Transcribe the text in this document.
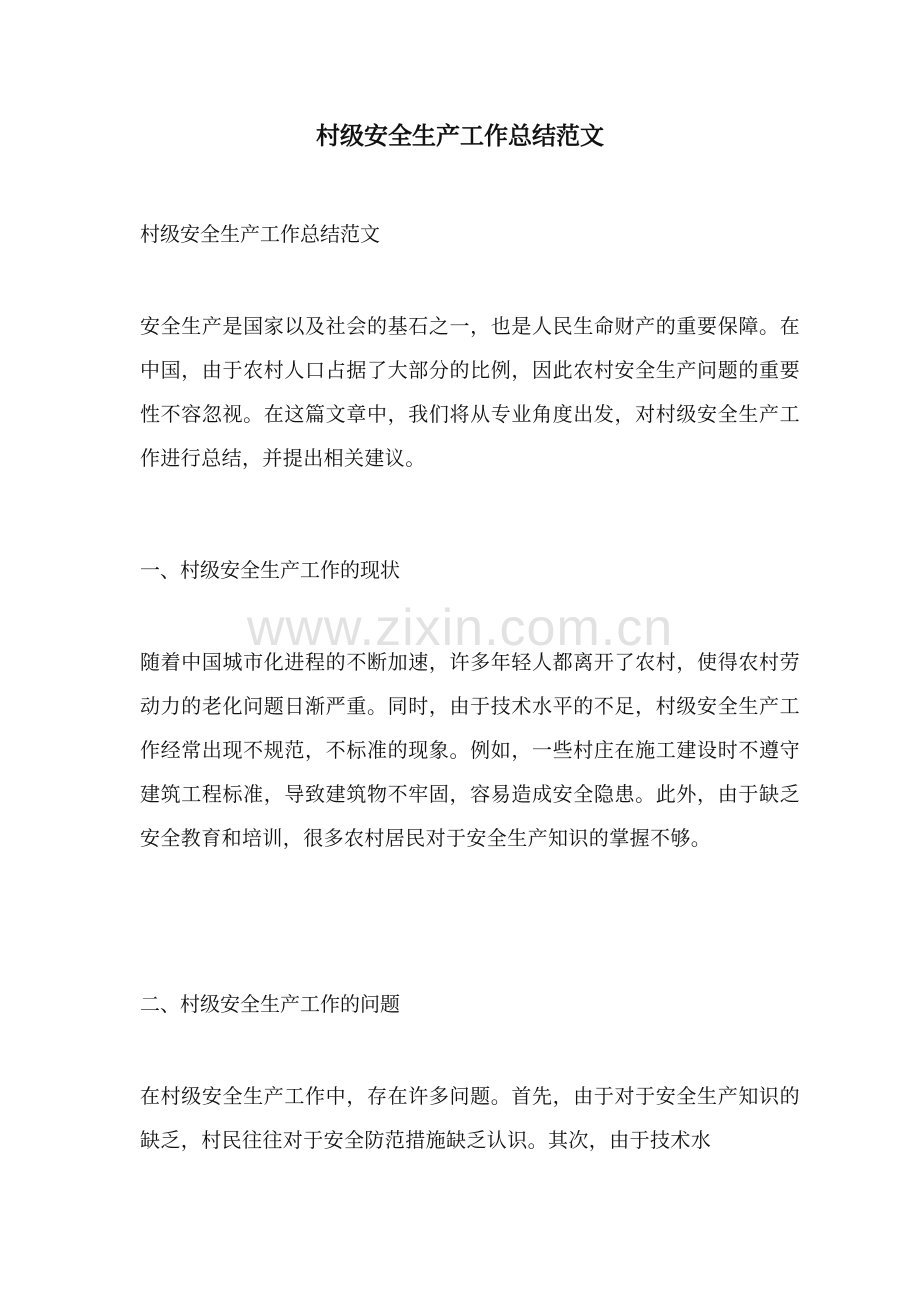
村级安全生产工作总结范文

村级安全生产工作总结范文

安全生产是国家以及社会的基石之一，也是人民生命财产的重要保障。在中国，由于农村人口占据了大部分的比例，因此农村安全生产问题的重要性不容忽视。在这篇文章中，我们将从专业角度出发，对村级安全生产工作进行总结，并提出相关建议。

一、村级安全生产工作的现状

随着中国城市化进程的不断加速，许多年轻人都离开了农村，使得农村劳动力的老化问题日渐严重。同时，由于技术水平的不足，村级安全生产工作经常出现不规范，不标准的现象。例如，一些村庄在施工建设时不遵守建筑工程标准，导致建筑物不牢固，容易造成安全隐患。此外，由于缺乏安全教育和培训，很多农村居民对于安全生产知识的掌握不够。

二、村级安全生产工作的问题

在村级安全生产工作中，存在许多问题。首先，由于对于安全生产知识的缺乏，村民往往对于安全防范措施缺乏认识。其次，由于技术水

www.zixin.com.cn
